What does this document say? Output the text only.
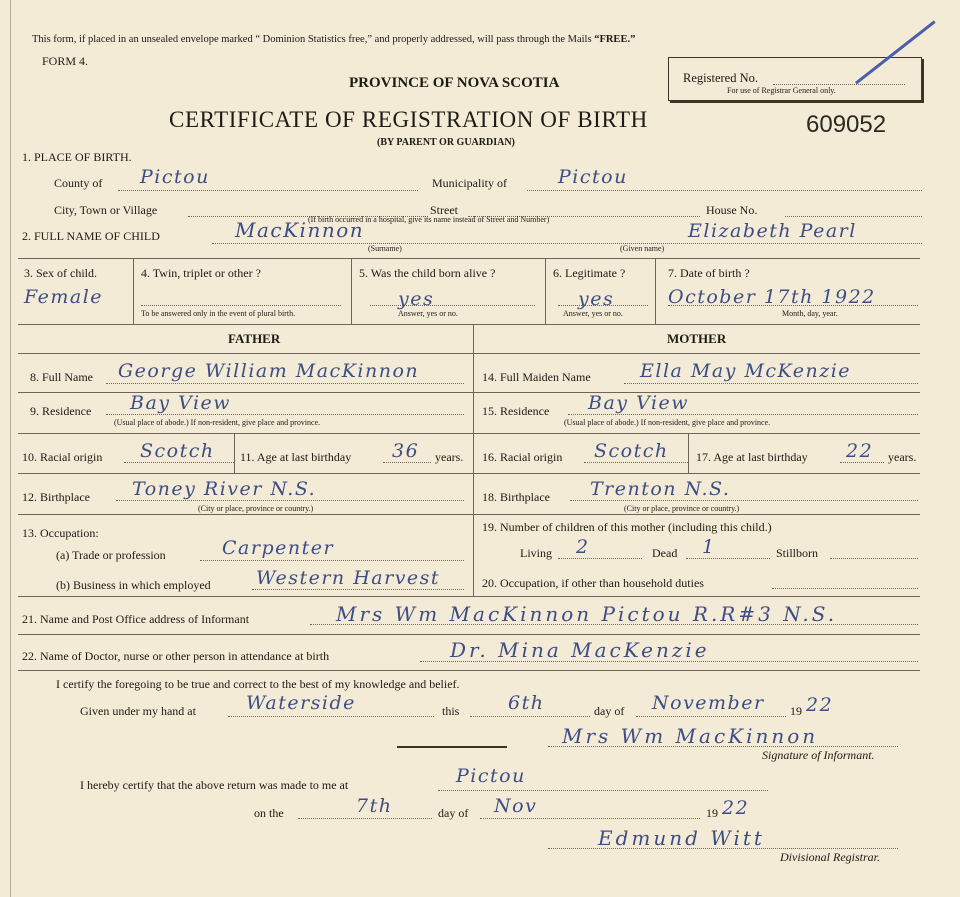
This form, if placed in an unsealed envelope marked “ Dominion Statistics free,” and properly addressed, will pass through the Mails “FREE.”
FORM 4.
PROVINCE OF NOVA SCOTIA
CERTIFICATE OF REGISTRATION OF BIRTH
(BY PARENT OR GUARDIAN)
609052
Registered No.
For use of Registrar General only.
1. PLACE OF BIRTH.
County of Pictou	Municipality of	Pictou
City, Town or Village	Street	House No.
2. FULL NAME OF CHILD
(If birth occurred in a hospital, give its name instead of Street and Number)
MacKinnon
(Surname)
Elizabeth Pearl
(Given name)
3. Sex of child.
Female
4. Twin, triplet or other ?
To be answered only in the event of plural birth.
5. Was the child born alive ?
yes
Answer, yes or no.
6. Legitimate ?
yes
Answer, yes or no.
7. Date of birth ?
October 17th 1922
Month, day, year.
FATHER	MOTHER
8. Full Name George William MacKinnon
9. Residence Bay View
(Usual place of abode.) If non-resident, give place and province.
10. Racial origin Scotch 11. Age at last birthday 36 years.
12. Birthplace Toney River N.S.
(City or place, province or country.)
13. Occupation:
(a) Trade or profession	Carpenter
(b) Business in which employed Western Harvest
14. Full Maiden Name	Ella May McKenzie
15. Residence Bay View
(Usual place of abode.) If non-resident, give place and province.
16. Racial origin Scotch 17. Age at last birthday 22 years.
18. Birthplace Trenton N.S.
(City or place, province or country.)
19. Number of children of this mother (including this child.)
Living 2	Dead 1	Stillborn
20. Occupation, if other than household duties
21. Name and Post Office address of Informant	Mrs Wm MacKinnon Pictou R.R#3 N.S.
22. Name of Doctor, nurse or other person in attendance at birth	Dr. Mina MacKenzie
I certify the foregoing to be true and correct to the best of my knowledge and belief.
Given under my hand at	Waterside	this	6th	day of November 19 22
Mrs Wm MacKinnon
Signature of Informant.
I hereby certify that the above return was made to me at	Pictou
on the	7th	day of Nov	19 22
Edmund Witt
Divisional Registrar.
